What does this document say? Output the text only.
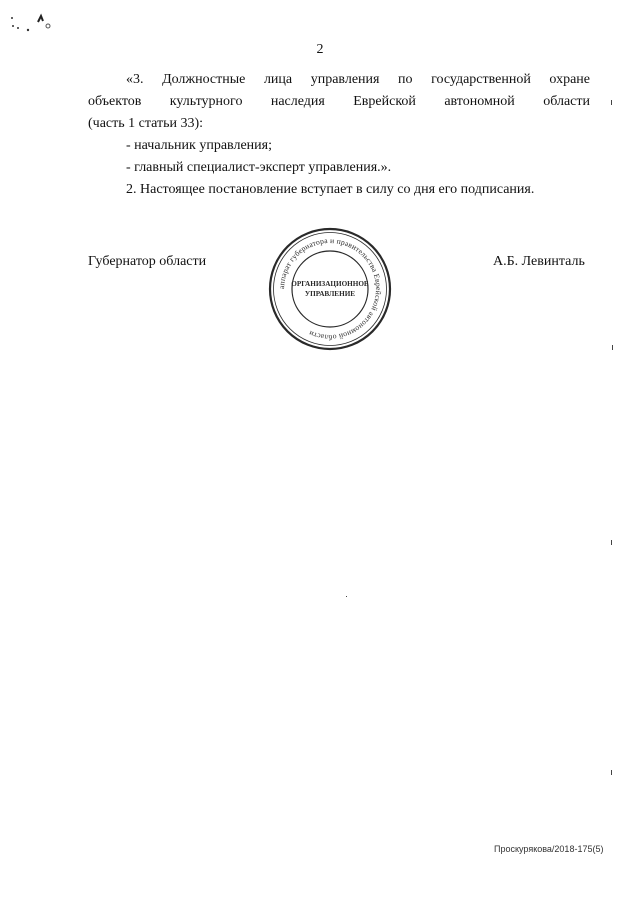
2
«3. Должностные лица управления по государственной охране
объектов культурного наследия Еврейской автономной области
(часть 1 статьи 33):
- начальник управления;
- главный специалист-эксперт управления.».
2. Настоящее постановление вступает в силу со дня его подписания.
Губернатор области
аппарат губернатора и правительства Еврейской автономной области
ОРГАНИЗАЦИОННОЕ
УПРАВЛЕНИЕ
А.Б. Левинталь
Проскурякова/2018-175(5)
